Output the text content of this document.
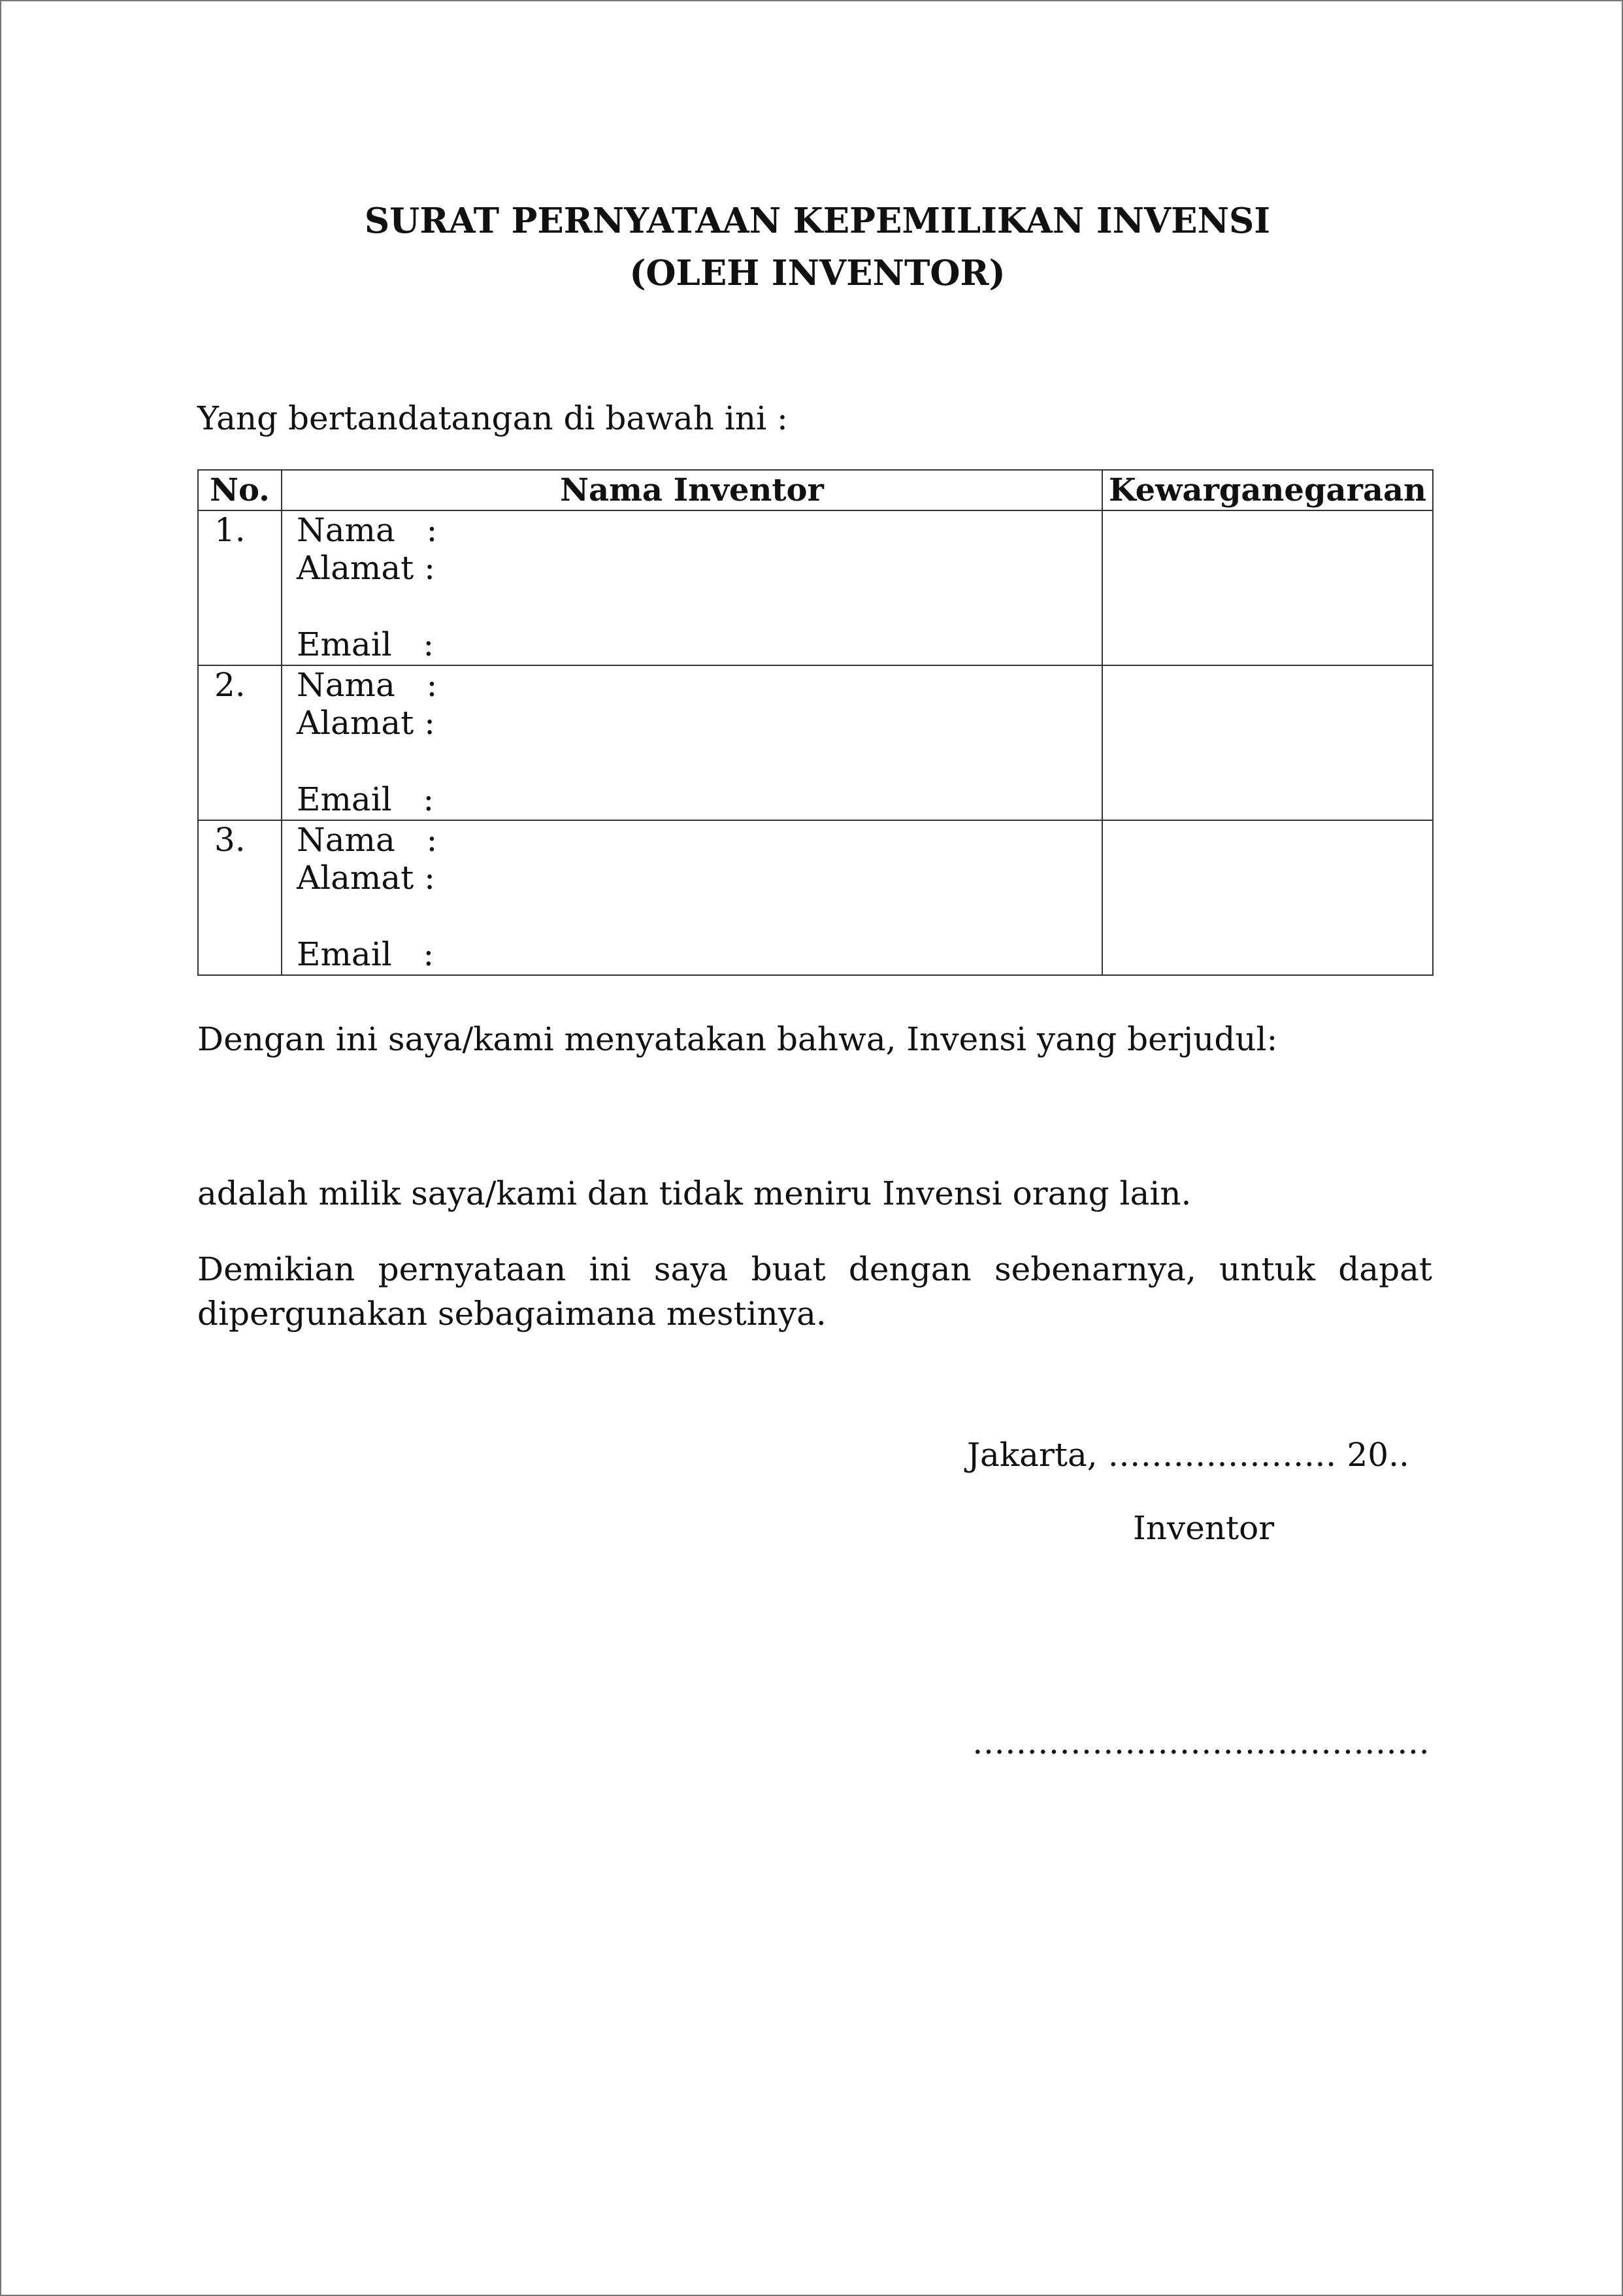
SURAT PERNYATAAN KEPEMILIKAN INVENSI
(OLEH INVENTOR)
Yang bertandatangan di bawah ini :
No.	Nama Inventor	Kewarganegaraan
1.	Nama   :
Alamat :
Email   :	

2.	Nama   :
Alamat :
Email   :	

3.	Nama   :
Alamat :
Email   :	

Dengan ini saya/kami menyatakan bahwa, Invensi yang berjudul:
adalah milik saya/kami dan tidak meniru Invensi orang lain.
Demikian pernyataan ini saya buat dengan sebenarnya, untuk dapat dipergunakan sebagaimana mestinya.
Jakarta, ………………… 20..
Inventor
……………………………………
